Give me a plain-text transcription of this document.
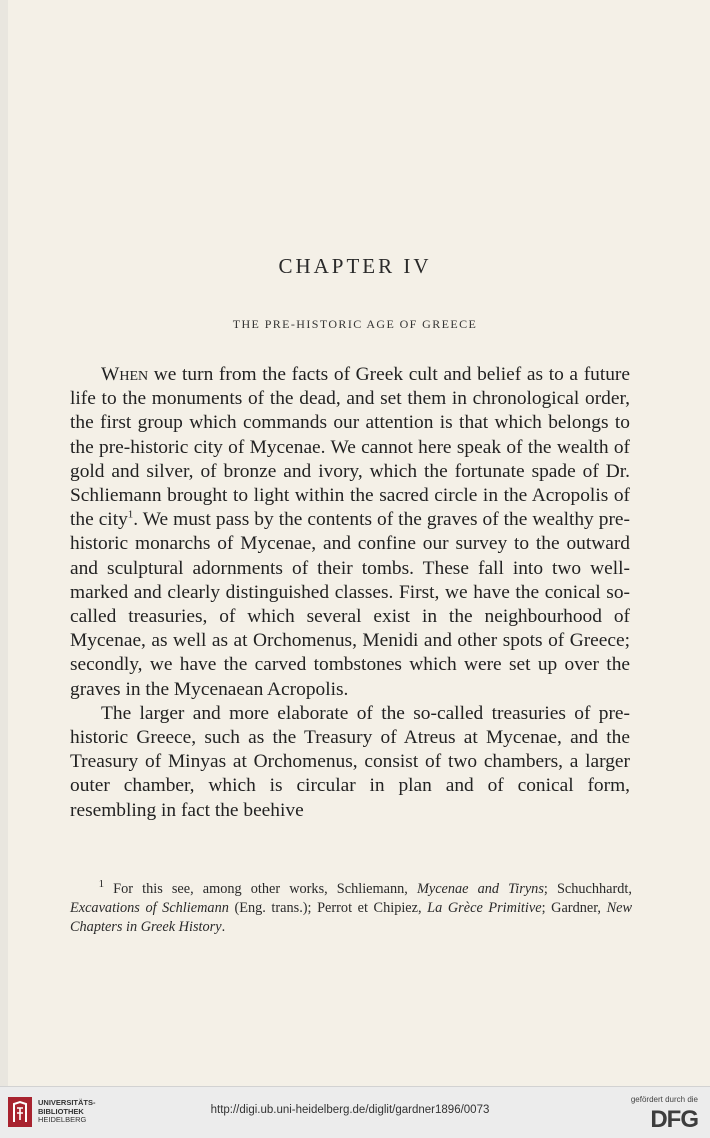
CHAPTER IV
THE PRE-HISTORIC AGE OF GREECE

When we turn from the facts of Greek cult and belief as to a future life to the monuments of the dead, and set them in chronological order, the first group which commands our attention is that which belongs to the pre-historic city of Mycenae. We cannot here speak of the wealth of gold and silver, of bronze and ivory, which the fortunate spade of Dr. Schliemann brought to light within the sacred circle in the Acropolis of the city$^1$. We must pass by the contents of the graves of the wealthy pre-historic monarchs of Mycenae, and confine our survey to the outward and sculptural adornments of their tombs. These fall into two well-marked and clearly distinguished classes. First, we have the conical so-called treasuries, of which several exist in the neighbourhood of Mycenae, as well as at Orchomenus, Menidi and other spots of Greece; secondly, we have the carved tombstones which were set up over the graves in the Mycenaean Acropolis.

The larger and more elaborate of the so-called treasuries of pre-historic Greece, such as the Treasury of Atreus at Mycenae, and the Treasury of Minyas at Orchomenus, consist of two chambers, a larger outer chamber, which is circular in plan and of conical form, resembling in fact the beehive

$^1$ For this see, among other works, Schliemann, Mycenae and Tiryns; Schuchhardt, Excavations of Schliemann (Eng. trans.); Perrot et Chipiez, La Grèce Primitive; Gardner, New Chapters in Greek History.

UNIVERSITÄTS-
BIBLIOTHEK
HEIDELBERG
http://digi.ub.uni-heidelberg.de/diglit/gardner1896/0073
gefördert durch die
DFG
